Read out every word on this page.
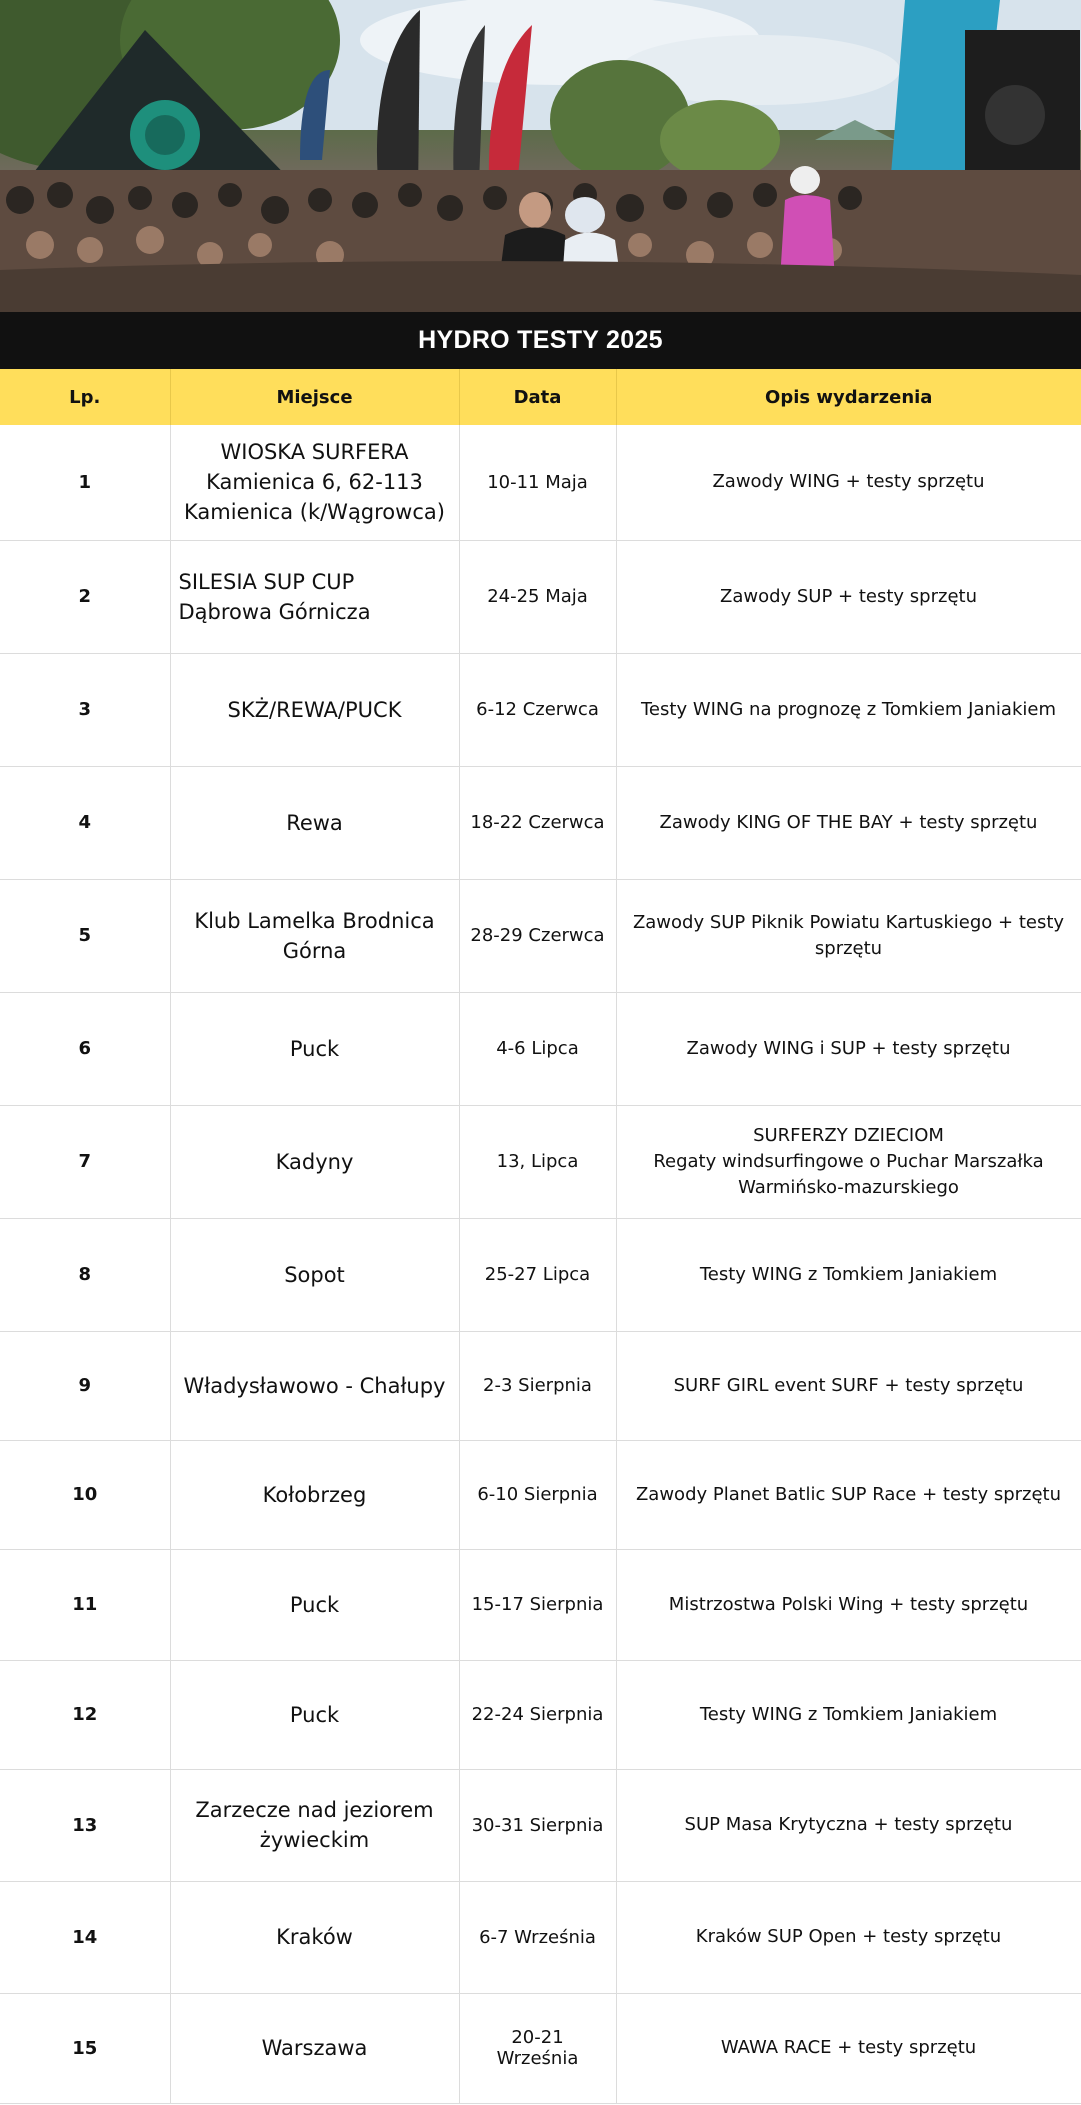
HYDRO TESTY 2025
Lp.	Miejsce	Data	Opis wydarzenia
1	WIOSKA SURFERA Kamienica 6, 62-113 Kamienica (k/Wągrowca)	10-11 Maja	Zawody WING + testy sprzętu

2	SILESIA SUP CUP Dąbrowa Górnicza	24-25 Maja	Zawody SUP + testy sprzętu

3	SKŻ/REWA/PUCK	6-12 Czerwca	Testy WING na prognozę z Tomkiem Janiakiem

4	Rewa	18-22 Czerwca	Zawody KING OF THE BAY + testy sprzętu

5	Klub Lamelka Brodnica Górna	28-29 Czerwca	Zawody SUP Piknik Powiatu Kartuskiego + testy sprzętu

6	Puck	4-6 Lipca	Zawody WING i SUP + testy sprzętu

7	Kadyny	13, Lipca	SURFERZY DZIECIOM
Regaty windsurfingowe o Puchar Marszałka Warmińsko-mazurskiego

8	Sopot	25-27 Lipca	Testy WING z Tomkiem Janiakiem

9	Władysławowo - Chałupy	2-3 Sierpnia	SURF GIRL event SURF + testy sprzętu

10	Kołobrzeg	6-10 Sierpnia	Zawody Planet Batlic SUP Race + testy sprzętu

11	Puck	15-17 Sierpnia	Mistrzostwa Polski Wing + testy sprzętu

12	Puck	22-24 Sierpnia	Testy WING z Tomkiem Janiakiem

13	Zarzecze nad jeziorem żywieckim	30-31 Sierpnia	SUP Masa Krytyczna + testy sprzętu

14	Kraków	6-7 Września	Kraków SUP Open + testy sprzętu

15	Warszawa	20-21 Września	WAWA RACE + testy sprzętu
